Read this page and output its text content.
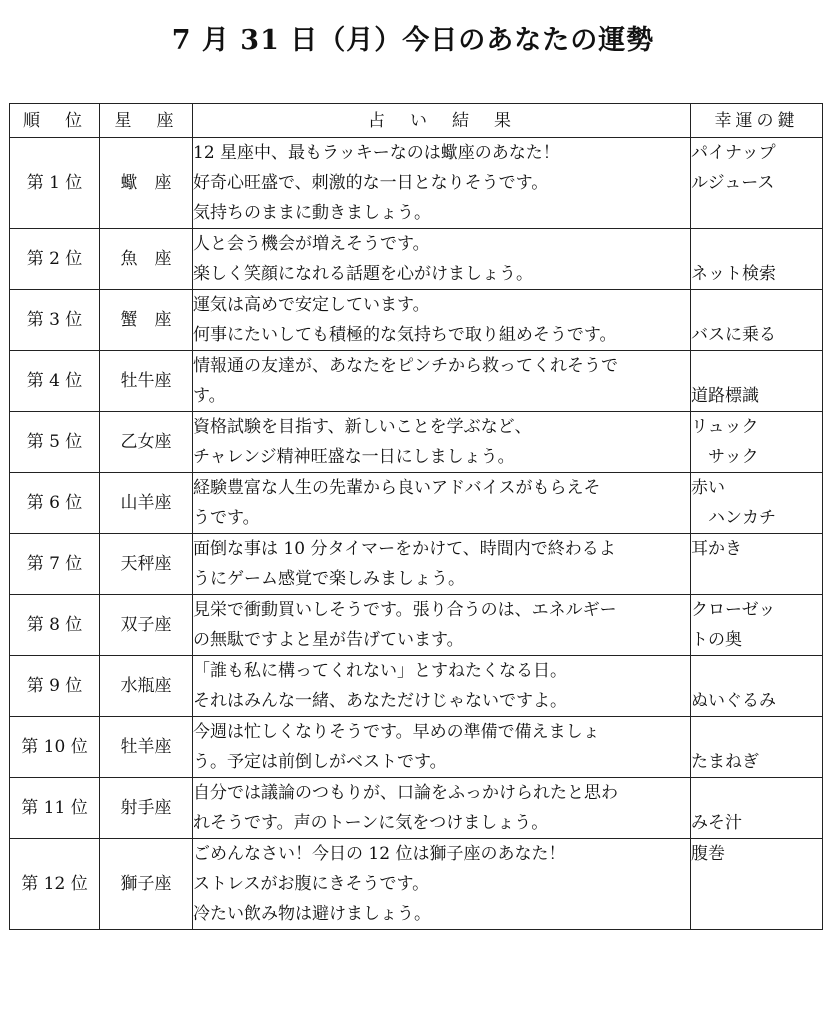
7 月 31 日（月）今日のあなたの運勢
順　位	星　座	占　い　結　果	幸運の鍵
第 1 位	蠍　座	12 星座中、最もラッキーなのは蠍座のあなた！
好奇心旺盛で、刺激的な一日となりそうです。
気持ちのままに動きましょう。	パイナップ
ルジュース

第 2 位	魚　座	人と会う機会が増えそうです。
楽しく笑顔になれる話題を心がけましょう。	ネット検索

第 3 位	蟹　座	運気は高めで安定しています。
何事にたいしても積極的な気持ちで取り組めそうです。	バスに乗る

第 4 位	牡牛座	情報通の友達が、あなたをピンチから救ってくれそうで
す。	道路標識

第 5 位	乙女座	資格試験を目指す、新しいことを学ぶなど、
チャレンジ精神旺盛な一日にしましょう。	リュック
　サック

第 6 位	山羊座	経験豊富な人生の先輩から良いアドバイスがもらえそ
うです。	赤い
　ハンカチ

第 7 位	天秤座	面倒な事は 10 分タイマーをかけて、時間内で終わるよ
うにゲーム感覚で楽しみましょう。	耳かき

第 8 位	双子座	見栄で衝動買いしそうです。張り合うのは、エネルギー
の無駄ですよと星が告げています。	クローゼッ
トの奥

第 9 位	水瓶座	「誰も私に構ってくれない」とすねたくなる日。
それはみんな一緒、あなただけじゃないですよ。	ぬいぐるみ

第 10 位	牡羊座	今週は忙しくなりそうです。早めの準備で備えましょ
う。予定は前倒しがベストです。	たまねぎ

第 11 位	射手座	自分では議論のつもりが、口論をふっかけられたと思わ
れそうです。声のトーンに気をつけましょう。	みそ汁

第 12 位	獅子座	ごめんなさい！今日の 12 位は獅子座のあなた！
ストレスがお腹にきそうです。
冷たい飲み物は避けましょう。	腹巻
